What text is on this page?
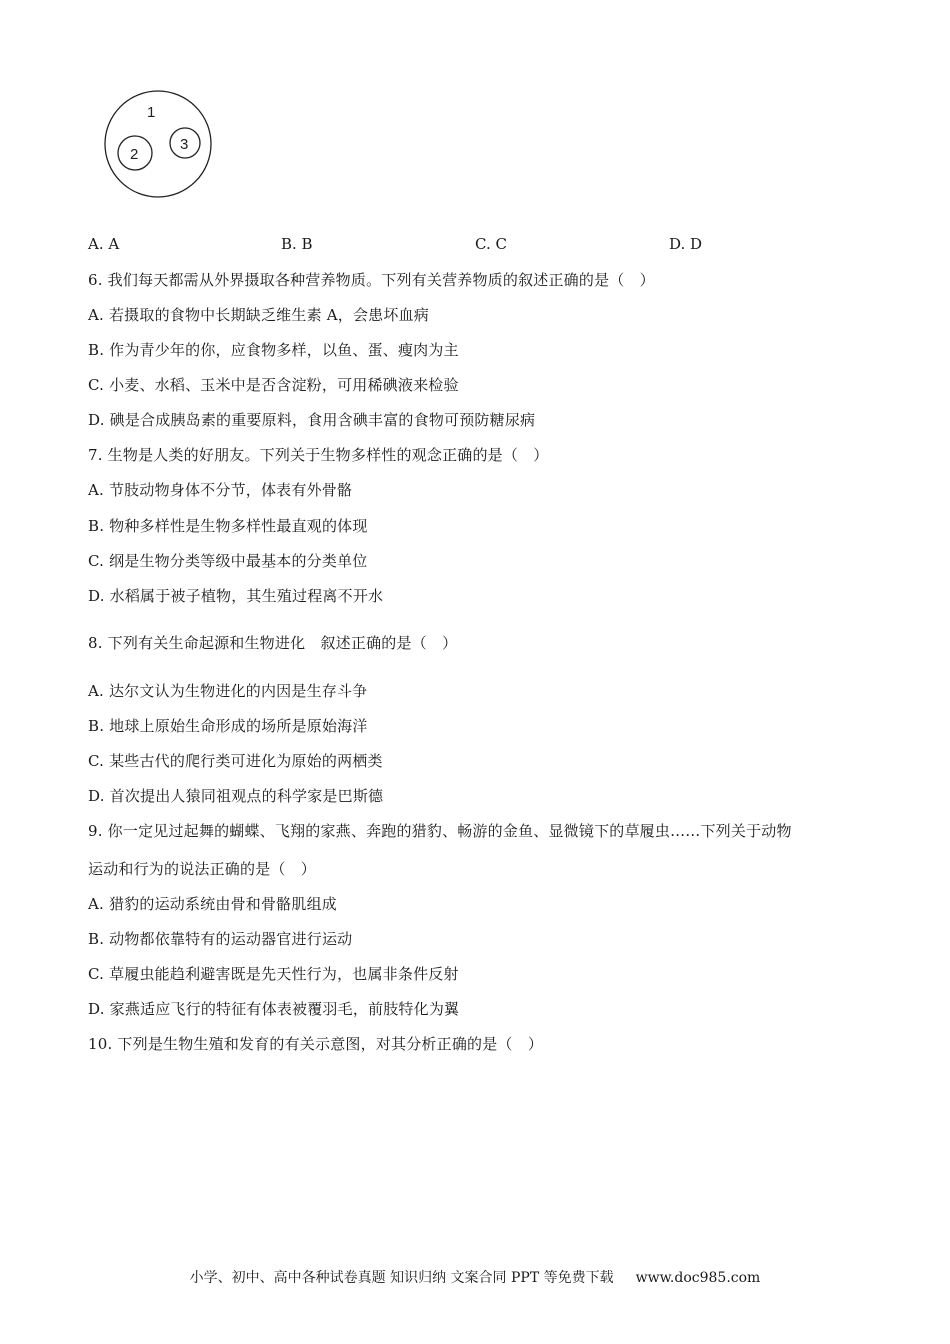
1
2
3
A. A	B. B	C. C	D. D
6. 我们每天都需从外界摄取各种营养物质。下列有关营养物质的叙述正确的是（　）
A. 若摄取的食物中长期缺乏维生素 A，会患坏血病
B. 作为青少年的你，应食物多样，以鱼、蛋、瘦肉为主
C. 小麦、水稻、玉米中是否含淀粉，可用稀碘液来检验
D. 碘是合成胰岛素的重要原料，食用含碘丰富的食物可预防糖尿病
7. 生物是人类的好朋友。下列关于生物多样性的观念正确的是（　）
A. 节肢动物身体不分节，体表有外骨骼
B. 物种多样性是生物多样性最直观的体现
C. 纲是生物分类等级中最基本的分类单位
D. 水稻属于被子植物，其生殖过程离不开水
8. 下列有关生命起源和生物进化　叙述正确的是（　）
A. 达尔文认为生物进化的内因是生存斗争
B. 地球上原始生命形成的场所是原始海洋
C. 某些古代的爬行类可进化为原始的两栖类
D. 首次提出人猿同祖观点的科学家是巴斯德
9. 你一定见过起舞的蝴蝶、飞翔的家燕、奔跑的猎豹、畅游的金鱼、显微镜下的草履虫……下列关于动物
运动和行为的说法正确的是（　）
A. 猎豹的运动系统由骨和骨骼肌组成
B. 动物都依靠特有的运动器官进行运动
C. 草履虫能趋利避害既是先天性行为，也属非条件反射
D. 家燕适应飞行的特征有体表被覆羽毛，前肢特化为翼
10. 下列是生物生殖和发育的有关示意图，对其分析正确的是（　）
小学、初中、高中各种试卷真题 知识归纳 文案合同 PPT 等免费下载 www.doc985.com
